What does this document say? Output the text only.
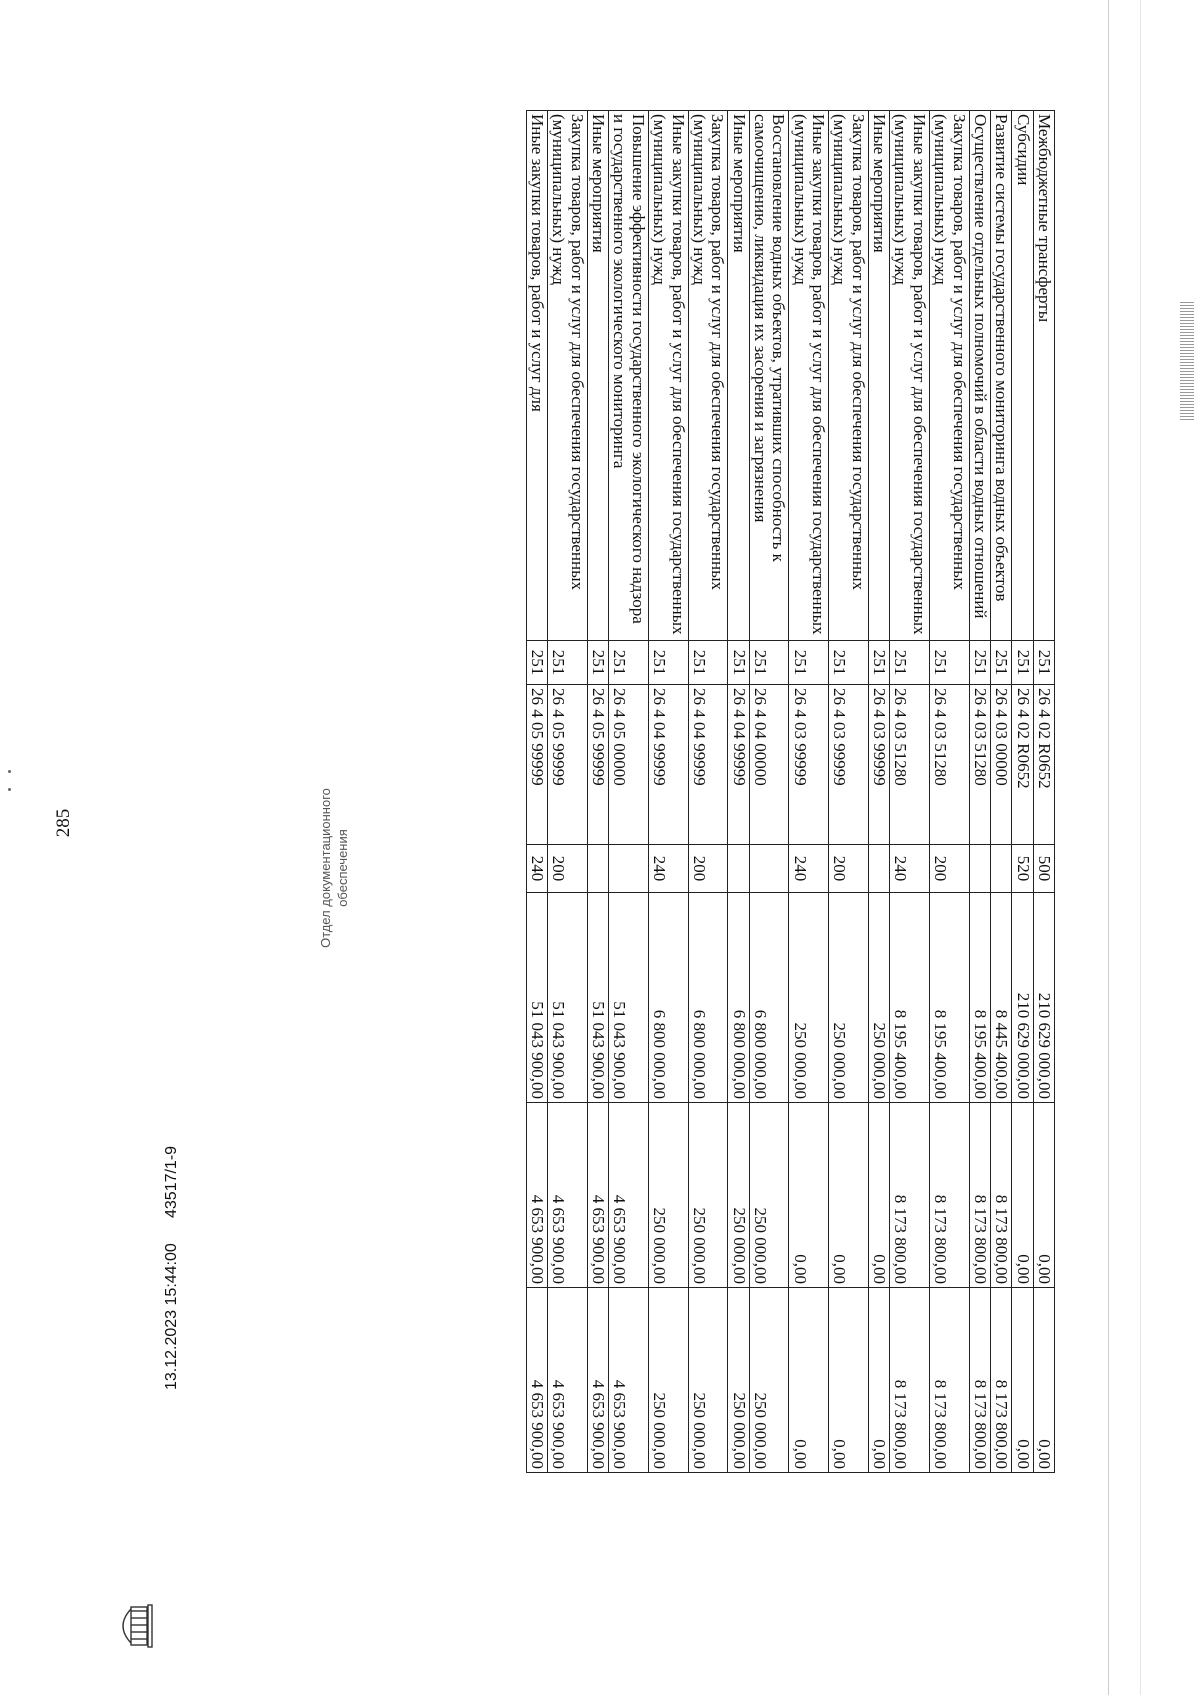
285
Межбюджетные трансферты	251	26 4 02 R0652	500	210 629 000,00	0,00	0,00
Субсидии	251	26 4 02 R0652	520	210 629 000,00	0,00	0,00
Развитие системы государственного мониторинга водных объектов	251	26 4 03 00000		8 445 400,00	8 173 800,00	8 173 800,00
Осуществление отдельных полномочий в области водных отношений	251	26 4 03 51280		8 195 400,00	8 173 800,00	8 173 800,00
Закупка товаров, работ и услуг для обеспечения государственных (муниципальных) нужд	251	26 4 03 51280	200	8 195 400,00	8 173 800,00	8 173 800,00
Иные закупки товаров, работ и услуг для обеспечения государственных (муниципальных) нужд	251	26 4 03 51280	240	8 195 400,00	8 173 800,00	8 173 800,00
Иные мероприятия	251	26 4 03 99999		250 000,00	0,00	0,00
Закупка товаров, работ и услуг для обеспечения государственных (муниципальных) нужд	251	26 4 03 99999	200	250 000,00	0,00	0,00
Иные закупки товаров, работ и услуг для обеспечения государственных (муниципальных) нужд	251	26 4 03 99999	240	250 000,00	0,00	0,00
Восстановление водных объектов, утративших способность к самоочищению, ликвидация их засорения и загрязнения	251	26 4 04 00000		6 800 000,00	250 000,00	250 000,00
Иные мероприятия	251	26 4 04 99999		6 800 000,00	250 000,00	250 000,00
Закупка товаров, работ и услуг для обеспечения государственных (муниципальных) нужд	251	26 4 04 99999	200	6 800 000,00	250 000,00	250 000,00
Иные закупки товаров, работ и услуг для обеспечения государственных (муниципальных) нужд	251	26 4 04 99999	240	6 800 000,00	250 000,00	250 000,00
Повышение эффективности государственного экологического надзора и государственного экологического мониторинга	251	26 4 05 00000		51 043 900,00	4 653 900,00	4 653 900,00
Иные мероприятия	251	26 4 05 99999		51 043 900,00	4 653 900,00	4 653 900,00
Закупка товаров, работ и услуг для обеспечения государственных (муниципальных) нужд	251	26 4 05 99999	200	51 043 900,00	4 653 900,00	4 653 900,00
Иные закупки товаров, работ и услуг для	251	26 4 05 99999	240	51 043 900,00	4 653 900,00	4 653 900,00
13.12.2023 15:44:00
43517/1-9
Отдел документационного обеспечения
